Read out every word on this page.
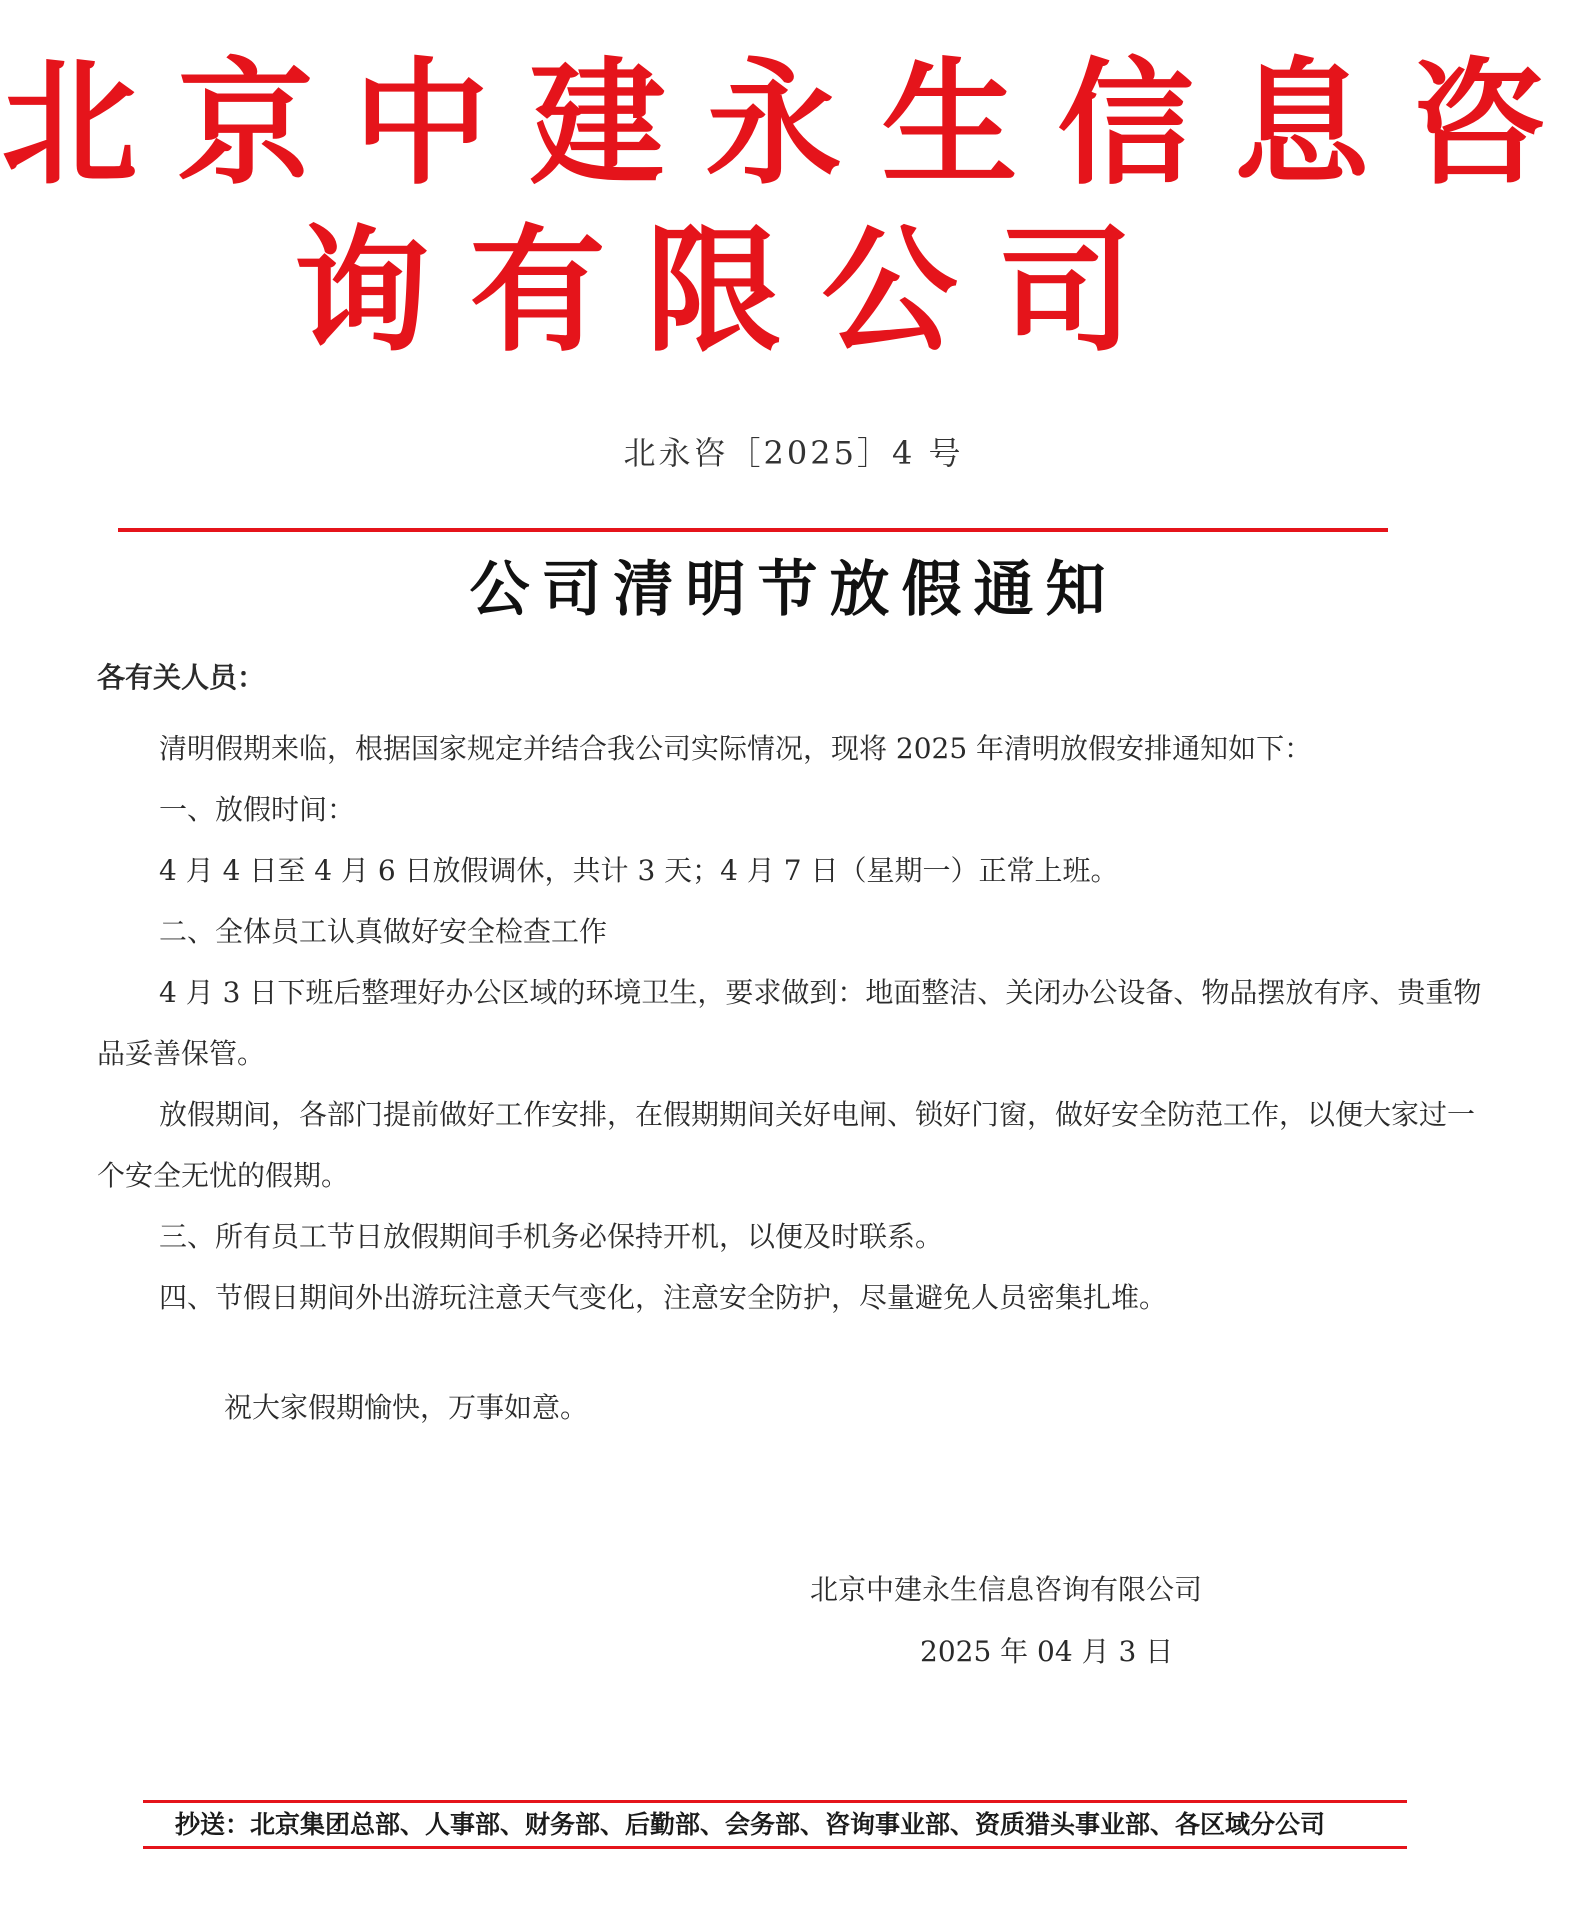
北京中建永生信息咨
询有限公司
北永咨［2025］4 号
公司清明节放假通知
各有关人员：

清明假期来临，根据国家规定并结合我公司实际情况，现将 2025 年清明放假安排通知如下：

一、放假时间：

4 月 4 日至 4 月 6 日放假调休，共计 3 天；4 月 7 日（星期一）正常上班。

二、全体员工认真做好安全检查工作

4 月 3 日下班后整理好办公区域的环境卫生，要求做到：地面整洁、关闭办公设备、物品摆放有序、贵重物品妥善保管。

放假期间，各部门提前做好工作安排，在假期期间关好电闸、锁好门窗，做好安全防范工作，以便大家过一个安全无忧的假期。

三、所有员工节日放假期间手机务必保持开机，以便及时联系。

四、节假日期间外出游玩注意天气变化，注意安全防护，尽量避免人员密集扎堆。

祝大家假期愉快，万事如意。
北京中建永生信息咨询有限公司
2025 年 04 月 3 日
抄送：北京集团总部、人事部、财务部、后勤部、会务部、咨询事业部、资质猎头事业部、各区域分公司
